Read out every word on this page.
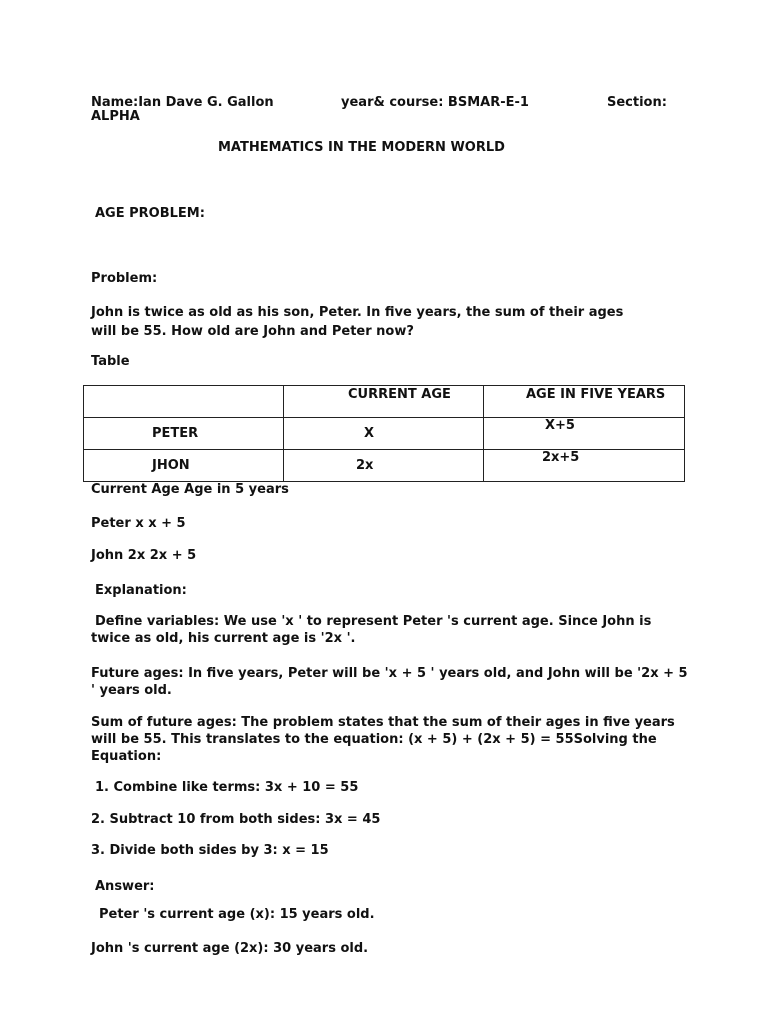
Name:Ian Dave G. Gallon	year& course: BSMAR-E-1	Section:
ALPHA
MATHEMATICS IN THE MODERN WORLD
AGE PROBLEM:
Problem:
John is twice as old as his son, Peter. In five years, the sum of their ages will be 55. How old are John and Peter now?
Table
	CURRENT AGE	AGE IN FIVE YEARS
PETER	X	X+5
JHON	2x	2x+5
Current Age Age in 5 years
Peter x x + 5
John 2x 2x + 5
Explanation:
Define variables: We use 'x ' to represent Peter 's current age. Since John is twice as old, his current age is '2x '.
Future ages: In five years, Peter will be 'x + 5 ' years old, and John will be '2x + 5 ' years old.
Sum of future ages: The problem states that the sum of their ages in five years will be 55. This translates to the equation: (x + 5) + (2x + 5) = 55Solving the Equation:
1. Combine like terms: 3x + 10 = 55
2. Subtract 10 from both sides: 3x = 45
3. Divide both sides by 3: x = 15
Answer:
Peter 's current age (x): 15 years old.
John 's current age (2x): 30 years old.
